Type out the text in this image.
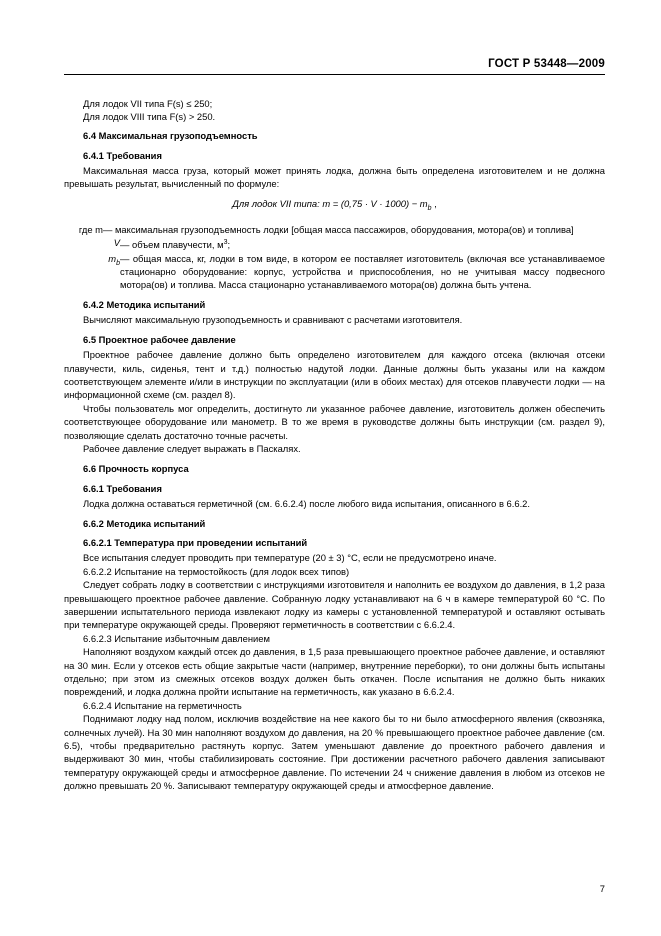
ГОСТ Р 53448—2009

Для лодок VII типа F(s) ≤ 250;

Для лодок VIII типа F(s) > 250.

6.4 Максимальная грузоподъемность

6.4.1 Требования

Максимальная масса груза, который может принять лодка, должна быть определена изготовителем и не должна превышать результат, вычисленный по формуле:

Для лодок VII типа: $m = (0,75 \cdot V \cdot 1000) - m_b$ ,

где m — максимальная грузоподъемность лодки [общая масса пассажиров, оборудования, мотора(ов) и топлива]
V — объем плавучести, $м^3$;
$m_b$ — общая масса, кг, лодки в том виде, в котором ее поставляет изготовитель (включая все устанавливаемое стационарно оборудование: корпус, устройства и приспособления, но не учитывая массу подвесного мотора(ов) и топлива. Масса стационарно устанавливаемого мотора(ов) должна быть учтена.

6.4.2 Методика испытаний

Вычисляют максимальную грузоподъемность и сравнивают с расчетами изготовителя.

6.5 Проектное рабочее давление

Проектное рабочее давление должно быть определено изготовителем для каждого отсека (включая отсеки плавучести, киль, сиденья, тент и т.д.) полностью надутой лодки. Данные должны быть указаны или на каждом соответствующем элементе и/или в инструкции по эксплуатации (или в обоих местах) для отсеков плавучести лодки — на информационной схеме (см. раздел 8).

Чтобы пользователь мог определить, достигнуто ли указанное рабочее давление, изготовитель должен обеспечить соответствующее оборудование или манометр. В то же время в руководстве должны быть инструкции (см. раздел 9), позволяющие сделать достаточно точные расчеты.

Рабочее давление следует выражать в Паскалях.

6.6 Прочность корпуса

6.6.1 Требования

Лодка должна оставаться герметичной (см. 6.6.2.4) после любого вида испытания, описанного в 6.6.2.

6.6.2 Методика испытаний

6.6.2.1 Температура при проведении испытаний

Все испытания следует проводить при температуре (20 ± 3) °С, если не предусмотрено иначе.

6.6.2.2 Испытание на термостойкость (для лодок всех типов)

Следует собрать лодку в соответствии с инструкциями изготовителя и наполнить ее воздухом до давления, в 1,2 раза превышающего проектное рабочее давление. Собранную лодку устанавливают на 6 ч в камере температурой 60 °С. По завершении испытательного периода извлекают лодку из камеры с установленной температурой и оставляют остывать при температуре окружающей среды. Проверяют герметичность в соответствии с 6.6.2.4.

6.6.2.3 Испытание избыточным давлением

Наполняют воздухом каждый отсек до давления, в 1,5 раза превышающего проектное рабочее давление, и оставляют на 30 мин. Если у отсеков есть общие закрытые части (например, внутренние переборки), то они должны быть испытаны отдельно; при этом из смежных отсеков воздух должен быть откачен. После испытания не должно быть никаких повреждений, и лодка должна пройти испытание на герметичность, как указано в 6.6.2.4.

6.6.2.4 Испытание на герметичность

Поднимают лодку над полом, исключив воздействие на нее какого бы то ни было атмосферного явления (сквозняка, солнечных лучей). На 30 мин наполняют воздухом до давления, на 20 % превышающего проектное рабочее давление (см. 6.5), чтобы предварительно растянуть корпус. Затем уменьшают давление до проектного рабочего давления и выдерживают 30 мин, чтобы стабилизировать состояние. При достижении расчетного рабочего давления записывают температуру окружающей среды и атмосферное давление. По истечении 24 ч снижение давления в любом из отсеков не должно превышать 20 %. Записывают температуру окружающей среды и атмосферное давление.

7
